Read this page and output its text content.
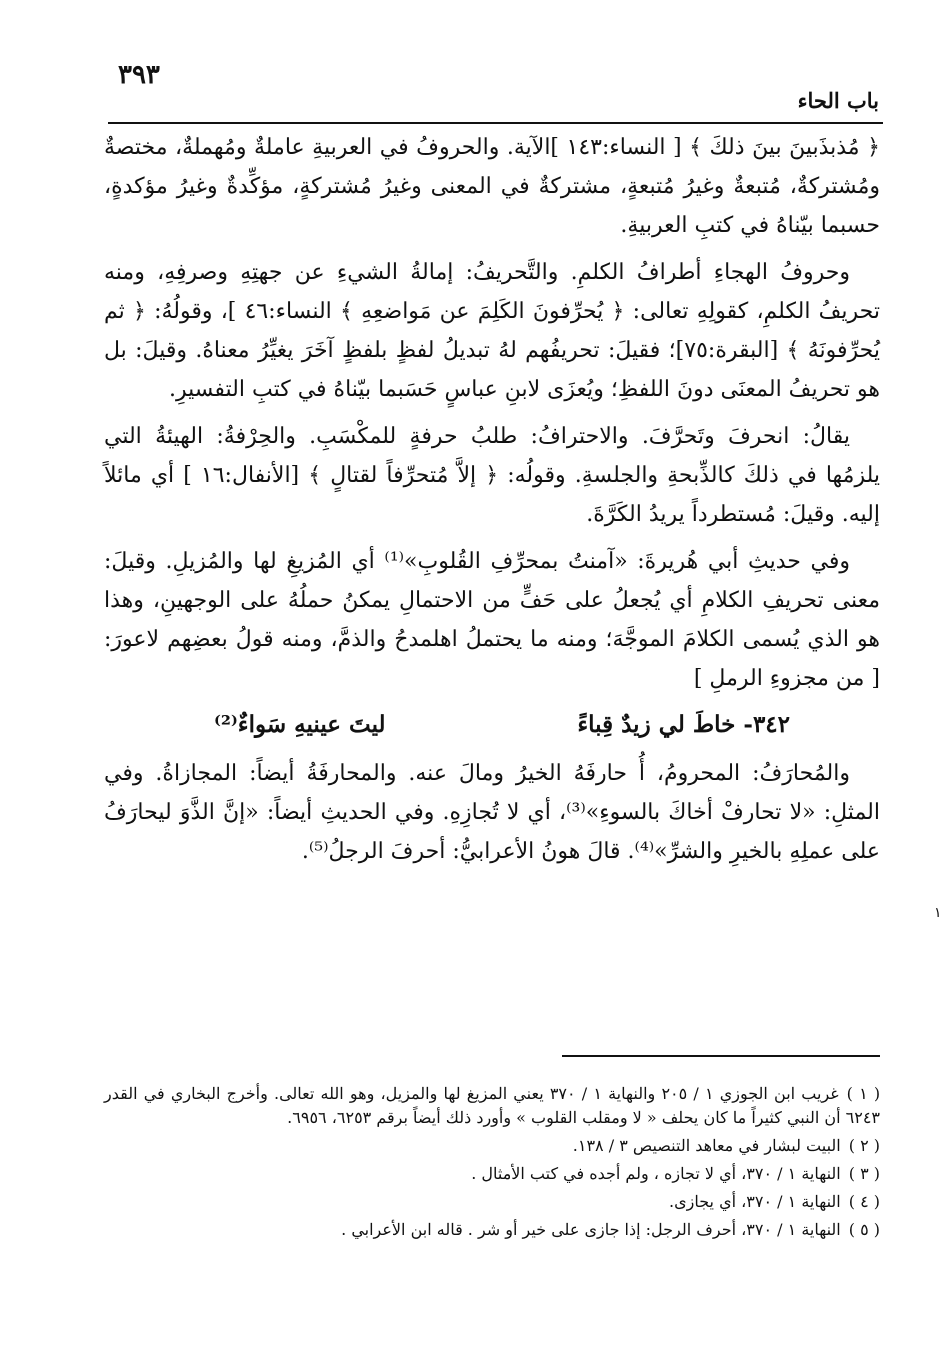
٣٩٣
باب الحاء

﴿ مُذبذَبينَ بينَ ذلكَ ﴾ [ النساء:١٤٣ ]الآية. والحروفُ في العربيةِ عاملةٌ ومُهملةٌ، مختصةٌ ومُشتركةٌ، مُتبعةٌ وغيرُ مُتبعةٍ، مشتركةٌ في المعنى وغيرُ مُشتركةٍ، مؤكِّدةٌ وغيرُ مؤكدةٍ، حسبما بيّناهُ في كتبِ العربيةِ.

وحروفُ الهجاءِ أطرافُ الكلمِ. والتَّحريفُ: إمالةُ الشيءِ عن جهتِهِ وصرفِهِ، ومنه تحريفُ الكلمِ، كقولِهِ تعالى: ﴿ يُحرِّفونَ الكَلِمَ عن مَواضعِهِ ﴾ النساء:٤٦ ]، وقولُهُ: ﴿ ثم يُحرِّفونَهُ ﴾ [البقرة:٧٥]؛ فقيلَ: تحريفُهم لهُ تبديلُ لفظٍ بلفظٍ آخَرَ يغيِّرُ معناهُ. وقيلَ: بل هو تحريفُ المعنَى دونَ اللفظِ؛ ويُعزَى لابنِ عباسٍ حَسَبما بيّناهُ في كتبِ التفسيرِ.

يقالُ: انحرفَ وتَحرَّفَ. والاحترافُ: طلبُ حرفةٍ للمكْسَبِ. والحِرْفةُ: الهيئةُ التي يلزمُها في ذلكَ كالذِّبحةِ والجلسةِ. وقولُه: ﴿ إلاَّ مُتحرِّفاً لقتالٍ ﴾ [الأنفال:١٦ ] أي مائلاً إليه. وقيلَ: مُستطرداً يريدُ الكَرَّةَ.

وفي حديثِ أبي هُريرةَ: «آمنتُ بمحرِّفِ القُلوبِ»⁽¹⁾ أي المُزيغِ لها والمُزيلِ. وقيلَ: معنى تحريفِ الكلامِ أي يُجعلُ على حَفٍّ من الاحتمالِ يمكنُ حملُهُ على الوجهينِ، وهذا هو الذي يُسمى الكلامَ الموجَّهَ؛ ومنه ما يحتملُ اهلمدحُ والذمَّ، ومنه قولُ بعضِهم لاعورَ: [ من مجزوءِ الرملِ ]

٣٤٢- خاطَ لي زيدٌ قِباءً
ليتَ عينيهِ سَواءٌ⁽²⁾

والمُحارَفُ: المحرومُ، أُ حارفَهُ الخيرُ ومالَ عنه. والمحارفَةُ أيضاً: المجازاةُ. وفي المثلِ: «لا تحارفْ أخاكَ بالسوءِ»⁽³⁾، أي لا تُجازِهِ. وفي الحديثِ أيضاً: «إنَّ الذَّوَ ليحارَفُ على عملِهِ بالخيرِ والشرِّ»⁽⁴⁾. قالَ هونُ الأعرابيُّ: أحرفَ الرجلُ⁽⁵⁾.

١

( ١ )غريب ابن الجوزي ١ / ٢٠٥ والنهاية ١ / ٣٧٠ يعني المزيغ لها والمزيل، وهو الله تعالى. وأخرج البخاري في القدر ٦٢٤٣ أن النبي كثيراً ما كان يحلف « لا ومقلب القلوب » وأورد ذلك أيضاً برقم ٦٢٥٣، ٦٩٥٦.

( ٢ )البيت لبشار في معاهد التنصيص ٣ / ١٣٨.

( ٣ )النهاية ١ / ٣٧٠، أي لا تجازه ، ولم أجده في كتب الأمثال .

( ٤ )النهاية ١ / ٣٧٠، أي يجازى.

( ٥ )النهاية ١ / ٣٧٠، أحرف الرجل: إذا جازى على خير أو شر . قاله ابن الأعرابي .
